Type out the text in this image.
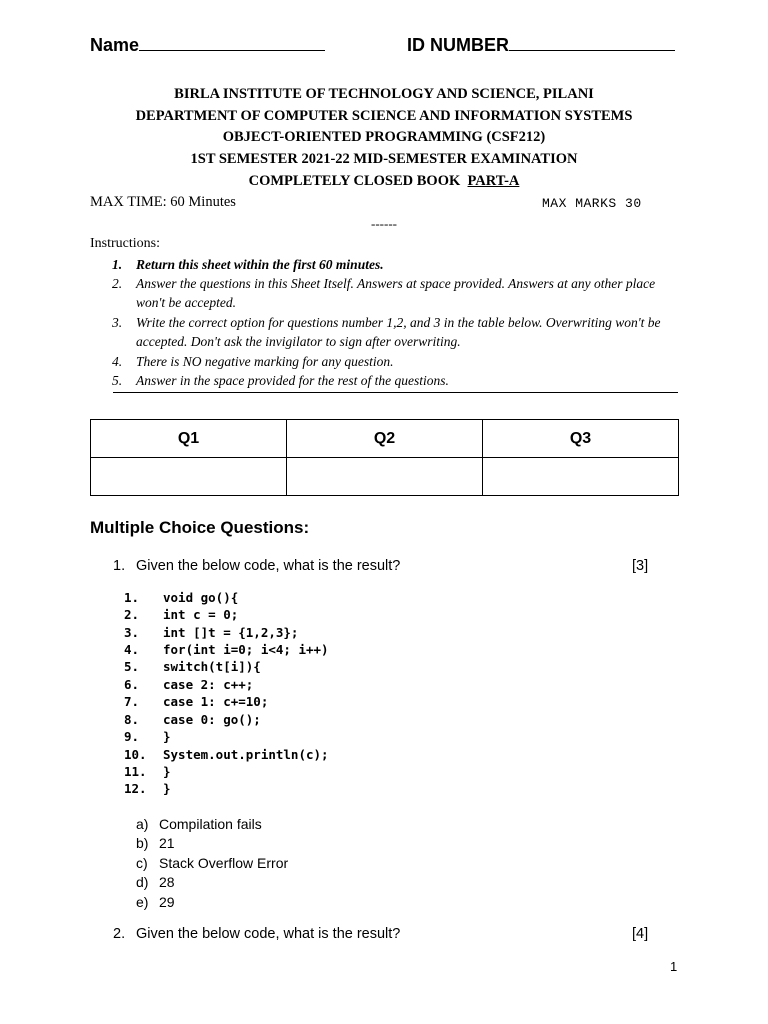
Name	ID NUMBER
BIRLA INSTITUTE OF TECHNOLOGY AND SCIENCE, PILANI
DEPARTMENT OF COMPUTER SCIENCE AND INFORMATION SYSTEMS
OBJECT-ORIENTED PROGRAMMING (CSF212)
1ST SEMESTER 2021-22 MID-SEMESTER EXAMINATION
COMPLETELY CLOSED BOOK PART-A
MAX TIME: 60 Minutes	MAX MARKS 30
------
Instructions:
1. Return this sheet within the first 60 minutes.
2. Answer the questions in this Sheet Itself. Answers at space provided. Answers at any other place
won't be accepted.
3. Write the correct option for questions number 1,2, and 3 in the table below. Overwriting won't be
accepted. Don't ask the invigilator to sign after overwriting.
4. There is NO negative marking for any question.
5. Answer in the space provided for the rest of the questions.
Q1	Q2	Q3

Multiple Choice Questions:
1. Given the below code, what is the result?	[3]
1. void go(){
2. int c = 0;
3. int []t = {1,2,3};
4. for(int i=0; i<4; i++)
5. switch(t[i]){
6. case 2: c++;
7. case 1: c+=10;
8. case 0: go();
9. }
10. System.out.println(c);
11. }
12. }
a) Compilation fails
b) 21
c) Stack Overflow Error
d) 28
e) 29
2. Given the below code, what is the result?	[4]
1
